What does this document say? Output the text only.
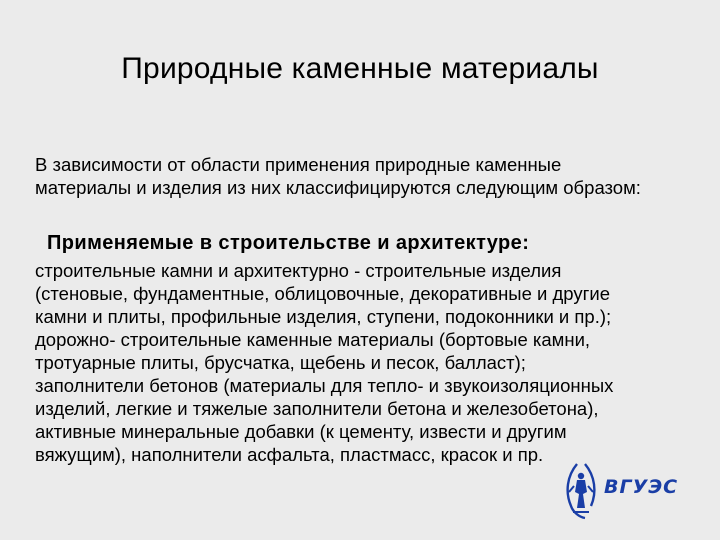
Природные каменные материалы
В зависимости от области применения природные каменные материалы и изделия из них классифицируются следующим образом:
Применяемые в строительстве и архитектуре:
строительные камни и архитектурно - строительные изделия
(стеновые, фундаментные, облицовочные, декоративные и другие
камни и плиты, профильные изделия, ступени, подоконники и пр.);
дорожно- строительные каменные материалы (бортовые камни,
тротуарные плиты, брусчатка, щебень и песок, балласт);
заполнители бетонов (материалы для тепло- и звукоизоляционных
изделий, легкие и тяжелые заполнители бетона и железобетона),
активные минеральные добавки (к цементу, извести и другим
вяжущим), наполнители асфальта, пластмасс, красок и пр.
ВГУЭС
